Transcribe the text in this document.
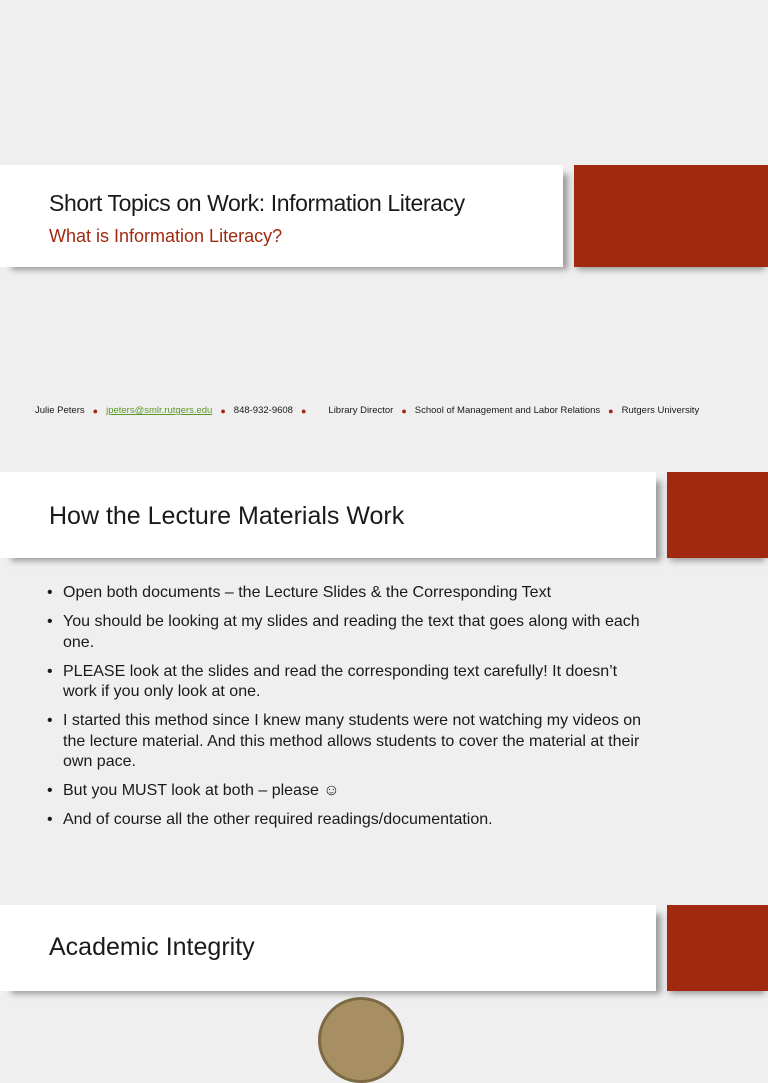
Short Topics on Work: Information Literacy
What is Information Literacy?
Julie Peters ● jpeters@smlr.rutgers.edu ● 848-932-9608 ● Library Director ● School of Management and Labor Relations ● Rutgers University
How the Lecture Materials Work
• Open both documents – the Lecture Slides & the Corresponding Text
• You should be looking at my slides and reading the text that goes along with each one.
• PLEASE look at the slides and read the corresponding text carefully! It doesn’t work if you only look at one.
• I started this method since I knew many students were not watching my videos on the lecture material. And this method allows students to cover the material at their own pace.
• But you MUST look at both – please ☺
• And of course all the other required readings/documentation.
Academic Integrity
